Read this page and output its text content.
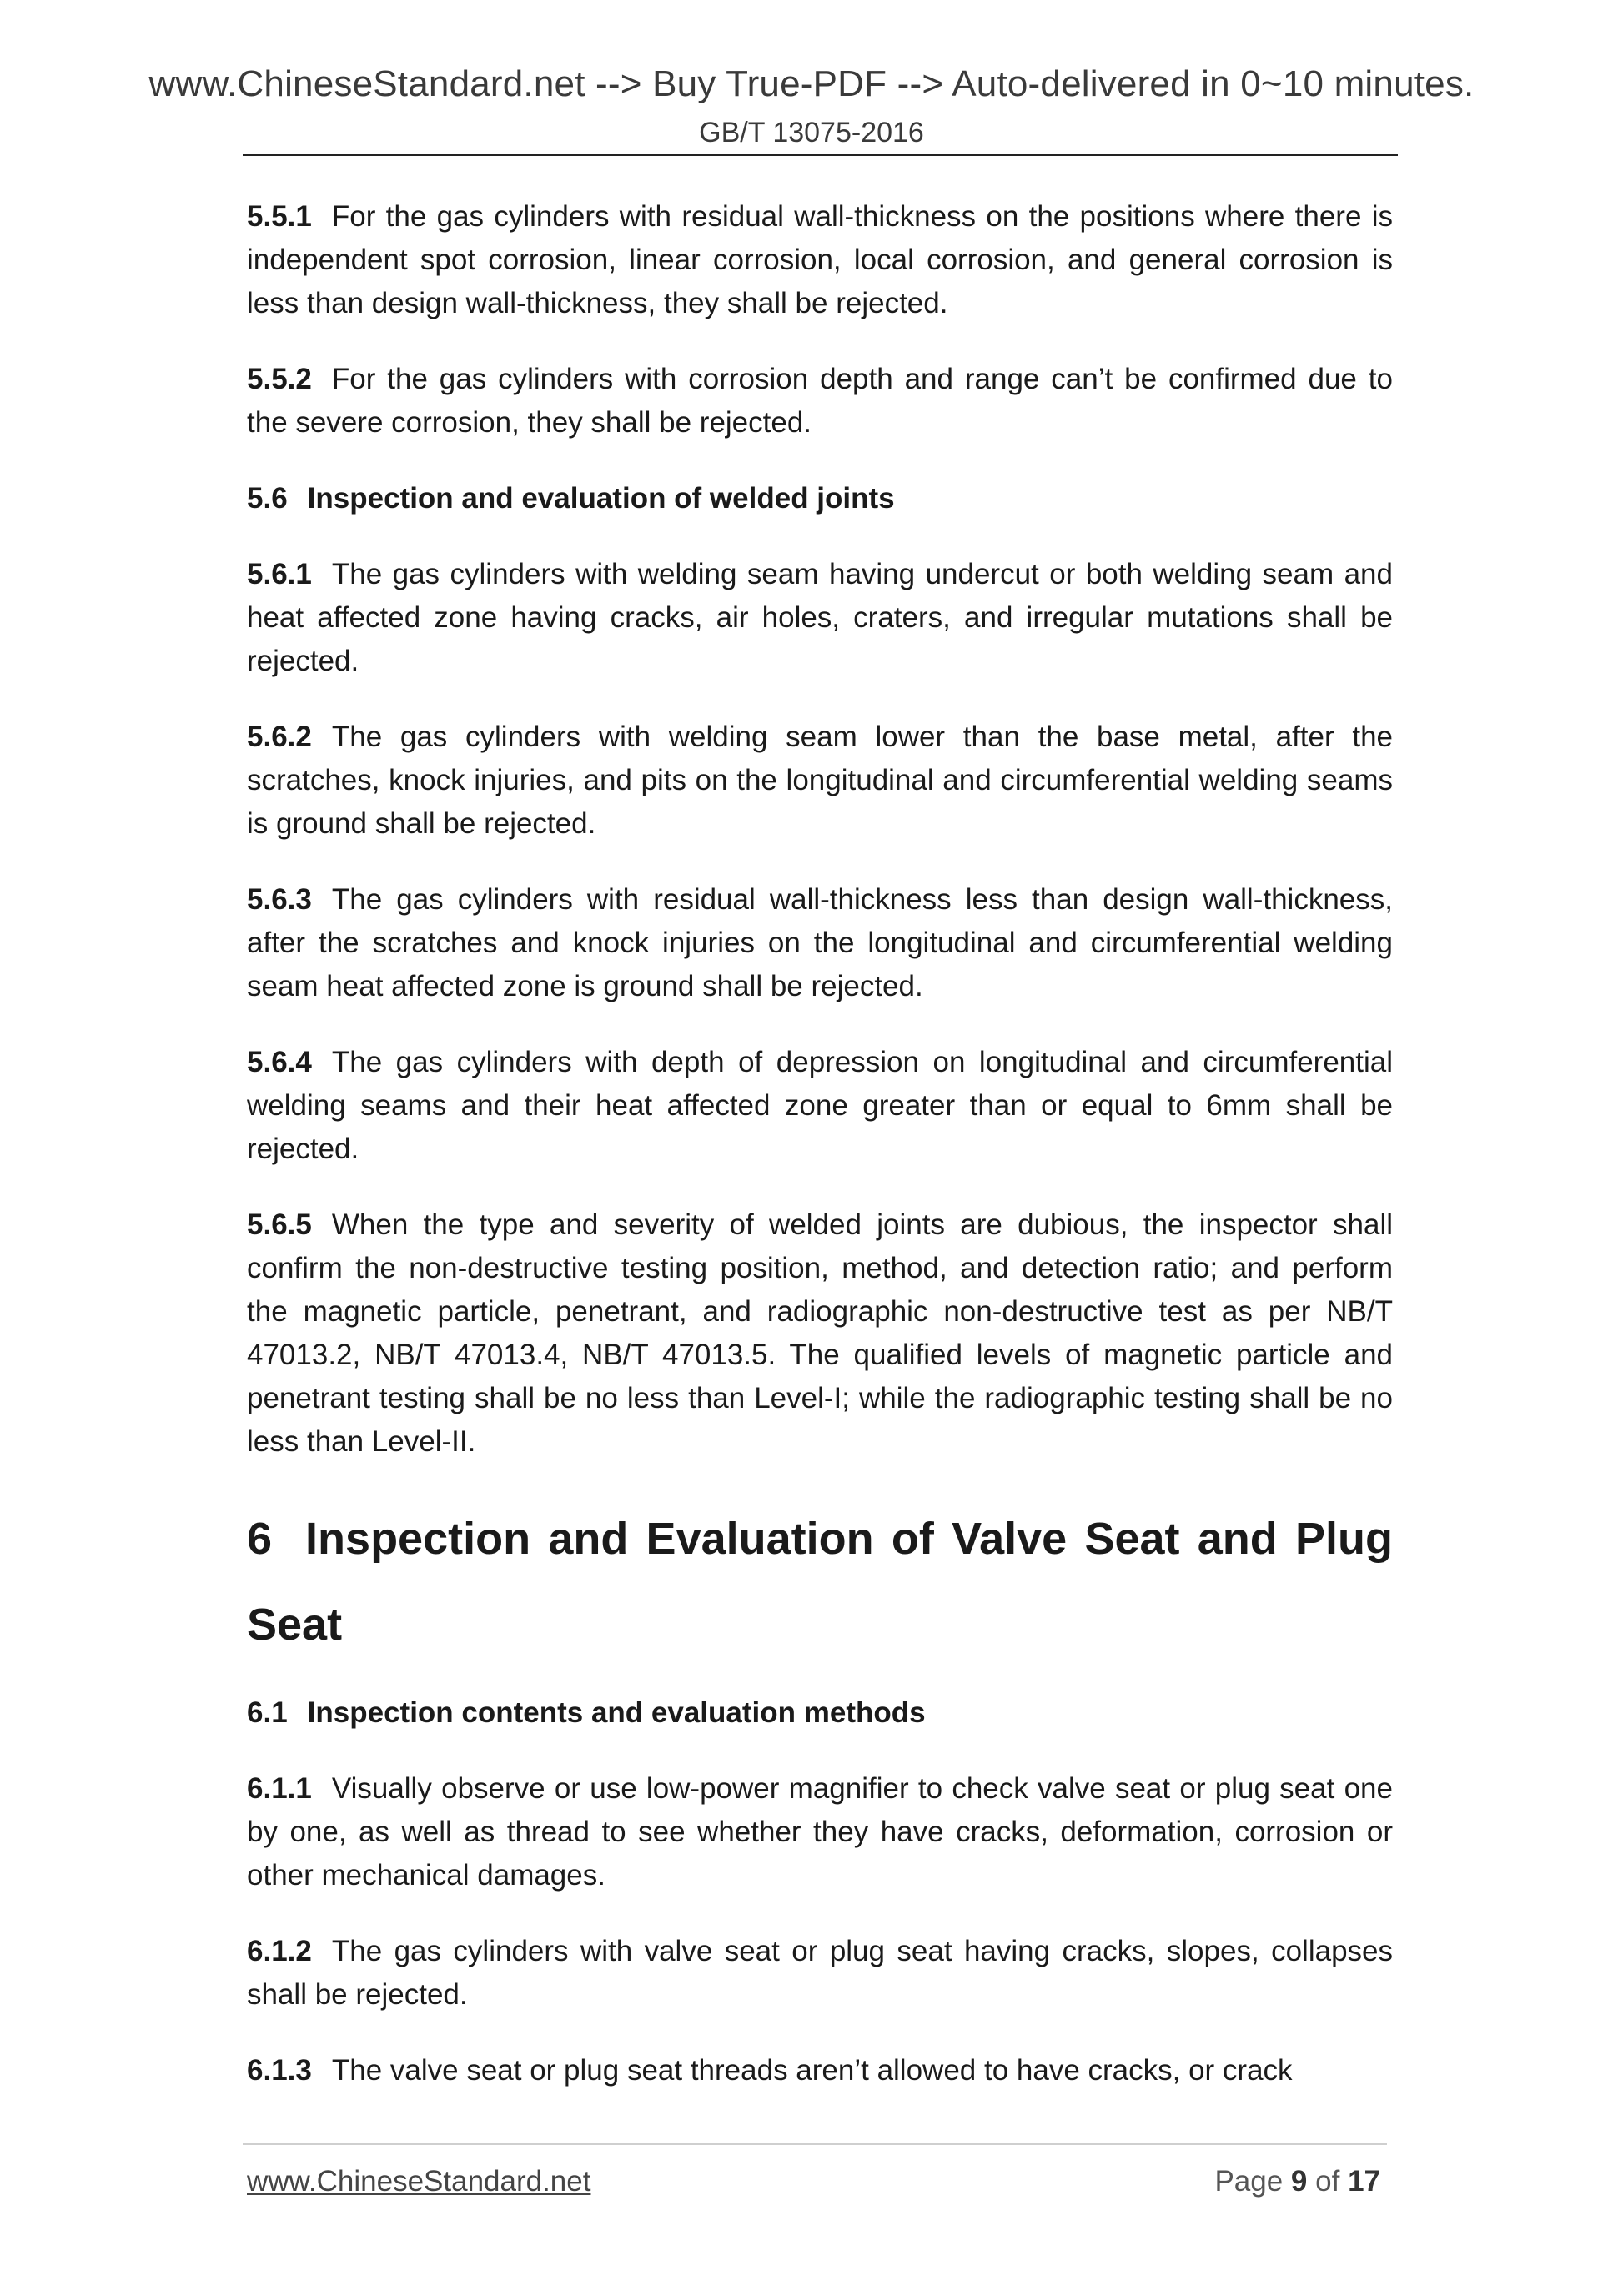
www.ChineseStandard.net --> Buy True-PDF --> Auto-delivered in 0~10 minutes.
GB/T 13075-2016

5.5.1 For the gas cylinders with residual wall-thickness on the positions where there is independent spot corrosion, linear corrosion, local corrosion, and general corrosion is less than design wall-thickness, they shall be rejected.

5.5.2 For the gas cylinders with corrosion depth and range can’t be confirmed due to the severe corrosion, they shall be rejected.

5.6 Inspection and evaluation of welded joints

5.6.1 The gas cylinders with welding seam having undercut or both welding seam and heat affected zone having cracks, air holes, craters, and irregular mutations shall be rejected.

5.6.2 The gas cylinders with welding seam lower than the base metal, after the scratches, knock injuries, and pits on the longitudinal and circumferential welding seams is ground shall be rejected.

5.6.3 The gas cylinders with residual wall-thickness less than design wall-thickness, after the scratches and knock injuries on the longitudinal and circumferential welding seam heat affected zone is ground shall be rejected.

5.6.4 The gas cylinders with depth of depression on longitudinal and circumferential welding seams and their heat affected zone greater than or equal to 6mm shall be rejected.

5.6.5 When the type and severity of welded joints are dubious, the inspector shall confirm the non-destructive testing position, method, and detection ratio; and perform the magnetic particle, penetrant, and radiographic non-destructive test as per NB/T 47013.2, NB/T 47013.4, NB/T 47013.5. The qualified levels of magnetic particle and penetrant testing shall be no less than Level-I; while the radiographic testing shall be no less than Level-II.

6 Inspection and Evaluation of Valve Seat and Plug Seat
6.1 Inspection contents and evaluation methods

6.1.1 Visually observe or use low-power magnifier to check valve seat or plug seat one by one, as well as thread to see whether they have cracks, deformation, corrosion or other mechanical damages.

6.1.2 The gas cylinders with valve seat or plug seat having cracks, slopes, collapses shall be rejected.

6.1.3 The valve seat or plug seat threads aren’t allowed to have cracks, or crack

www.ChineseStandard.net	Page 9 of 17
